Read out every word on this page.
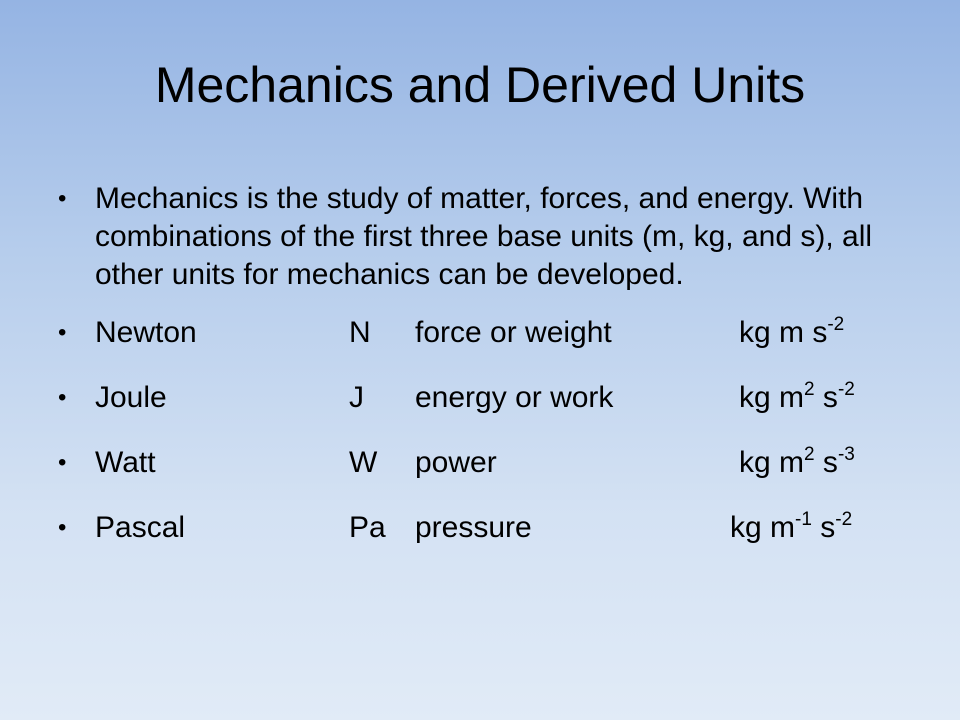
Mechanics and Derived Units
• Mechanics is the study of matter, forces, and energy. With combinations of the first three base units (m, kg, and s), all other units for mechanics can be developed.
• Newton	N force or weight	kg m $s^{-2}$
• Joule	J energy or work	kg $m^2$ $s^{-2}$
• Watt	W power	kg $m^2$ $s^{-3}$
• Pascal	Pa pressure	kg $m^{-1}$ $s^{-2}$
